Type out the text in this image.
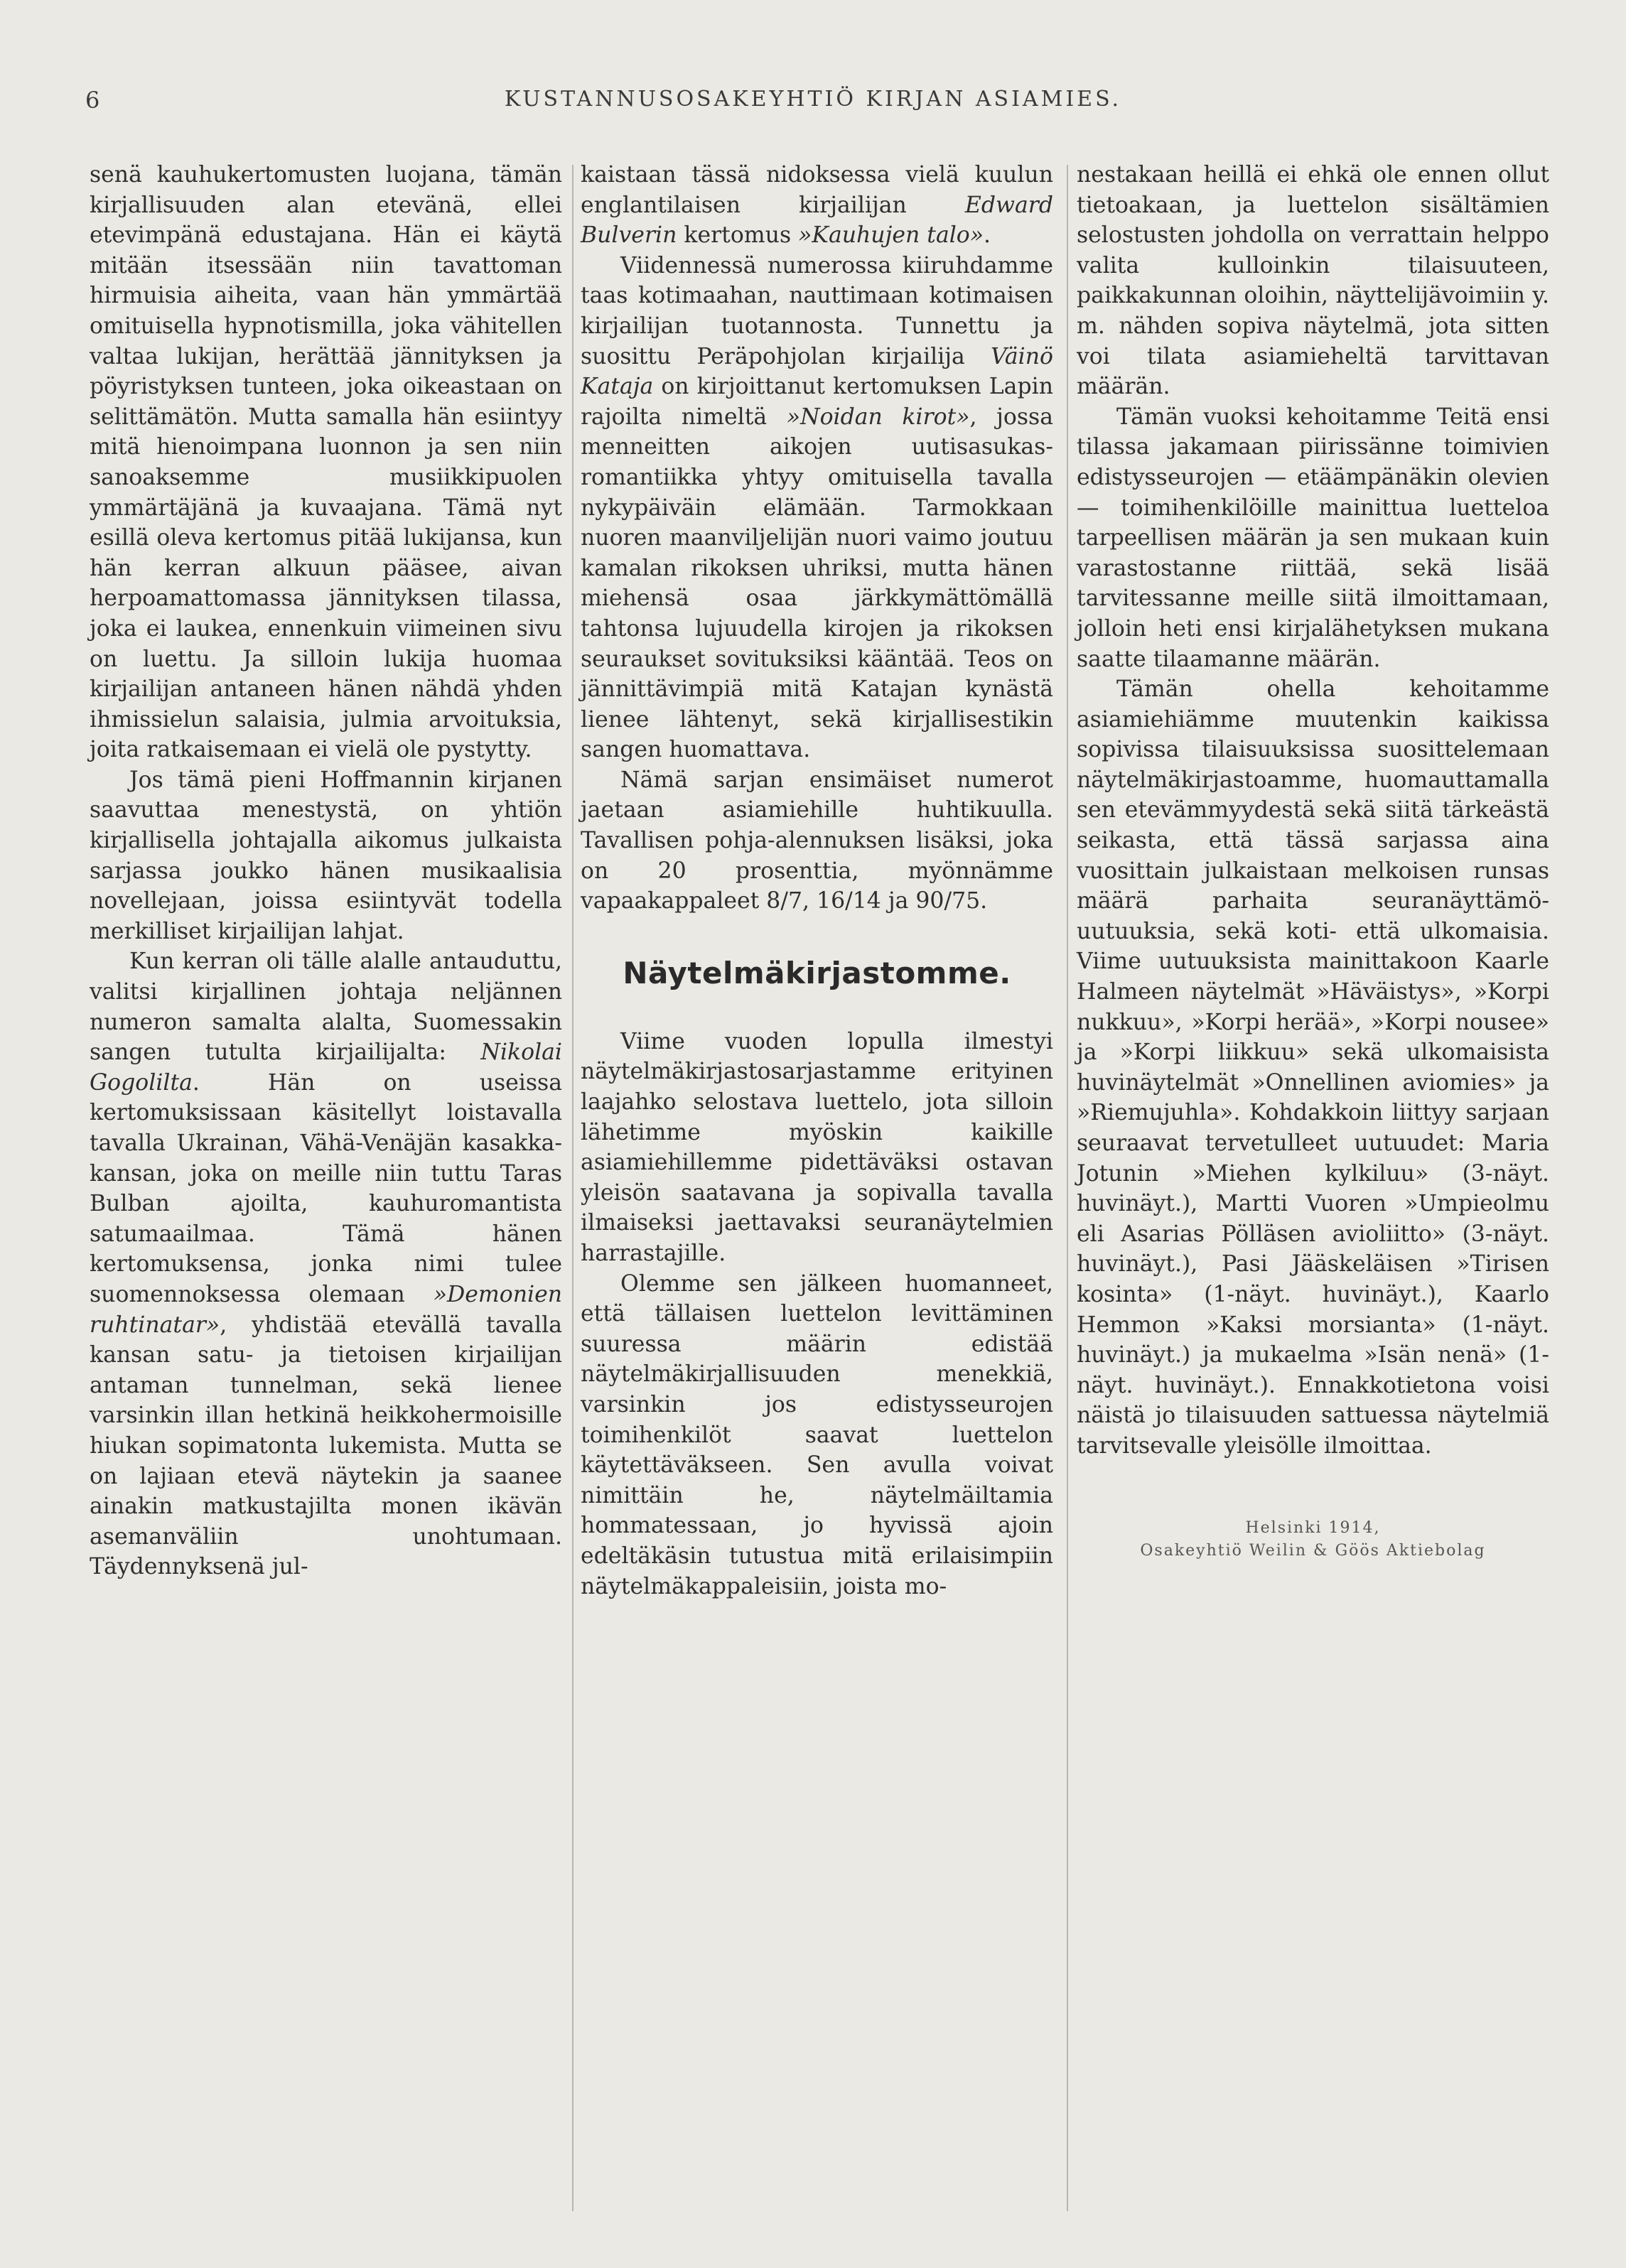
6	KUSTANNUSOSAKEYHTIÖ KIRJAN ASIAMIES.

senä kauhukertomusten luojana, tämän kirjallisuuden alan etevänä, ellei etevimpänä edustajana. Hän ei käytä mitään itsessään niin tavattoman hirmuisia aiheita, vaan hän ymmärtää omituisella hypnotismilla, joka vähitellen valtaa lukijan, herättää jännityksen ja pöyristyksen tunteen, joka oikeastaan on selittämätön. Mutta samalla hän esiintyy mitä hienoimpana luonnon ja sen niin sanoaksemme musiikkipuolen ymmärtäjänä ja kuvaajana. Tämä nyt esillä oleva kertomus pitää lukijansa, kun hän kerran alkuun pääsee, aivan herpoamattomassa jännityksen tilassa, joka ei laukea, ennenkuin viimeinen sivu on luettu. Ja silloin lukija huomaa kirjailijan antaneen hänen nähdä yhden ihmissielun salaisia, julmia arvoituksia, joita ratkaisemaan ei vielä ole pystytty.

Jos tämä pieni Hoffmannin kirjanen saavuttaa menestystä, on yhtiön kirjallisella johtajalla aikomus julkaista sarjassa joukko hänen musikaalisia novellejaan, joissa esiintyvät todella merkilliset kirjailijan lahjat.

Kun kerran oli tälle alalle antauduttu, valitsi kirjallinen johtaja neljännen numeron samalta alalta, Suomessakin sangen tutulta kirjailijalta: Nikolai Gogolilta. Hän on useissa kertomuksissaan käsitellyt loistavalla tavalla Ukrainan, Vähä-Venäjän kasakka-kansan, joka on meille niin tuttu Taras Bulban ajoilta, kauhuromantista satumaailmaa. Tämä hänen kertomuksensa, jonka nimi tulee suomennoksessa olemaan »Demonien ruhtinatar», yhdistää etevällä tavalla kansan satu- ja tietoisen kirjailijan antaman tunnelman, sekä lienee varsinkin illan hetkinä heikkohermoisille hiukan sopimatonta lukemista. Mutta se on lajiaan etevä näytekin ja saanee ainakin matkustajilta monen ikävän asemanväliin unohtumaan. Täydennyksenä jul-

kaistaan tässä nidoksessa vielä kuulun englantilaisen kirjailijan Edward Bulverin kertomus »Kauhujen talo».

Viidennessä numerossa kiiruhdamme taas kotimaahan, nauttimaan kotimaisen kirjailijan tuotannosta. Tunnettu ja suosittu Peräpohjolan kirjailija Väinö Kataja on kirjoittanut kertomuksen Lapin rajoilta nimeltä »Noidan kirot», jossa menneitten aikojen uutisasukas-romantiikka yhtyy omituisella tavalla nykypäiväin elämään. Tarmokkaan nuoren maanviljelijän nuori vaimo joutuu kamalan rikoksen uhriksi, mutta hänen miehensä osaa järkkymättömällä tahtonsa lujuudella kirojen ja rikoksen seuraukset sovituksiksi kääntää. Teos on jännittävimpiä mitä Katajan kynästä lienee lähtenyt, sekä kirjallisestikin sangen huomattava.

Nämä sarjan ensimäiset numerot jaetaan asiamiehille huhtikuulla. Tavallisen pohja-alennuksen lisäksi, joka on 20 prosenttia, myönnämme vapaakappaleet 8/7, 16/14 ja 90/75.

Näytelmäkirjastomme.

Viime vuoden lopulla ilmestyi näytelmäkirjastosarjastamme erityinen laajahko selostava luettelo, jota silloin lähetimme myöskin kaikille asiamiehillemme pidettäväksi ostavan yleisön saatavana ja sopivalla tavalla ilmaiseksi jaettavaksi seuranäytelmien harrastajille.

Olemme sen jälkeen huomanneet, että tällaisen luettelon levittäminen suuressa määrin edistää näytelmäkirjallisuuden menekkiä, varsinkin jos edistysseurojen toimihenkilöt saavat luettelon käytettäväkseen. Sen avulla voivat nimittäin he, näytelmäiltamia hommatessaan, jo hyvissä ajoin edeltäkäsin tutustua mitä erilaisimpiin näytelmäkappaleisiin, joista mo-

nestakaan heillä ei ehkä ole ennen ollut tietoakaan, ja luettelon sisältämien selostusten johdolla on verrattain helppo valita kulloinkin tilaisuuteen, paikkakunnan oloihin, näyttelijävoimiin y. m. nähden sopiva näytelmä, jota sitten voi tilata asiamieheltä tarvittavan määrän.

Tämän vuoksi kehoitamme Teitä ensi tilassa jakamaan piirissänne toimivien edistysseurojen — etäämpänäkin olevien — toimihenkilöille mainittua luetteloa tarpeellisen määrän ja sen mukaan kuin varastostanne riittää, sekä lisää tarvitessanne meille siitä ilmoittamaan, jolloin heti ensi kirjalähetyksen mukana saatte tilaamanne määrän.

Tämän ohella kehoitamme asiamiehiämme muutenkin kaikissa sopivissa tilaisuuksissa suosittelemaan näytelmäkirjastoamme, huomauttamalla sen etevämmyydestä sekä siitä tärkeästä seikasta, että tässä sarjassa aina vuosittain julkaistaan melkoisen runsas määrä parhaita seuranäyttämö-uutuuksia, sekä koti- että ulkomaisia. Viime uutuuksista mainittakoon Kaarle Halmeen näytelmät »Häväistys», »Korpi nukkuu», »Korpi herää», »Korpi nousee» ja »Korpi liikkuu» sekä ulkomaisista huvinäytelmät »Onnellinen aviomies» ja »Riemujuhla». Kohdakkoin liittyy sarjaan seuraavat tervetulleet uutuudet: Maria Jotunin »Miehen kylkiluu» (3-näyt. huvinäyt.), Martti Vuoren »Umpieolmu eli Asarias Pölläsen avioliitto» (3-näyt. huvinäyt.), Pasi Jääskeläisen »Tirisen kosinta» (1-näyt. huvinäyt.), Kaarlo Hemmon »Kaksi morsianta» (1-näyt. huvinäyt.) ja mukaelma »Isän nenä» (1-näyt. huvinäyt.). Ennakkotietona voisi näistä jo tilaisuuden sattuessa näytelmiä tarvitsevalle yleisölle ilmoittaa.

Helsinki 1914,
Osakeyhtiö Weilin & Göös Aktiebolag
